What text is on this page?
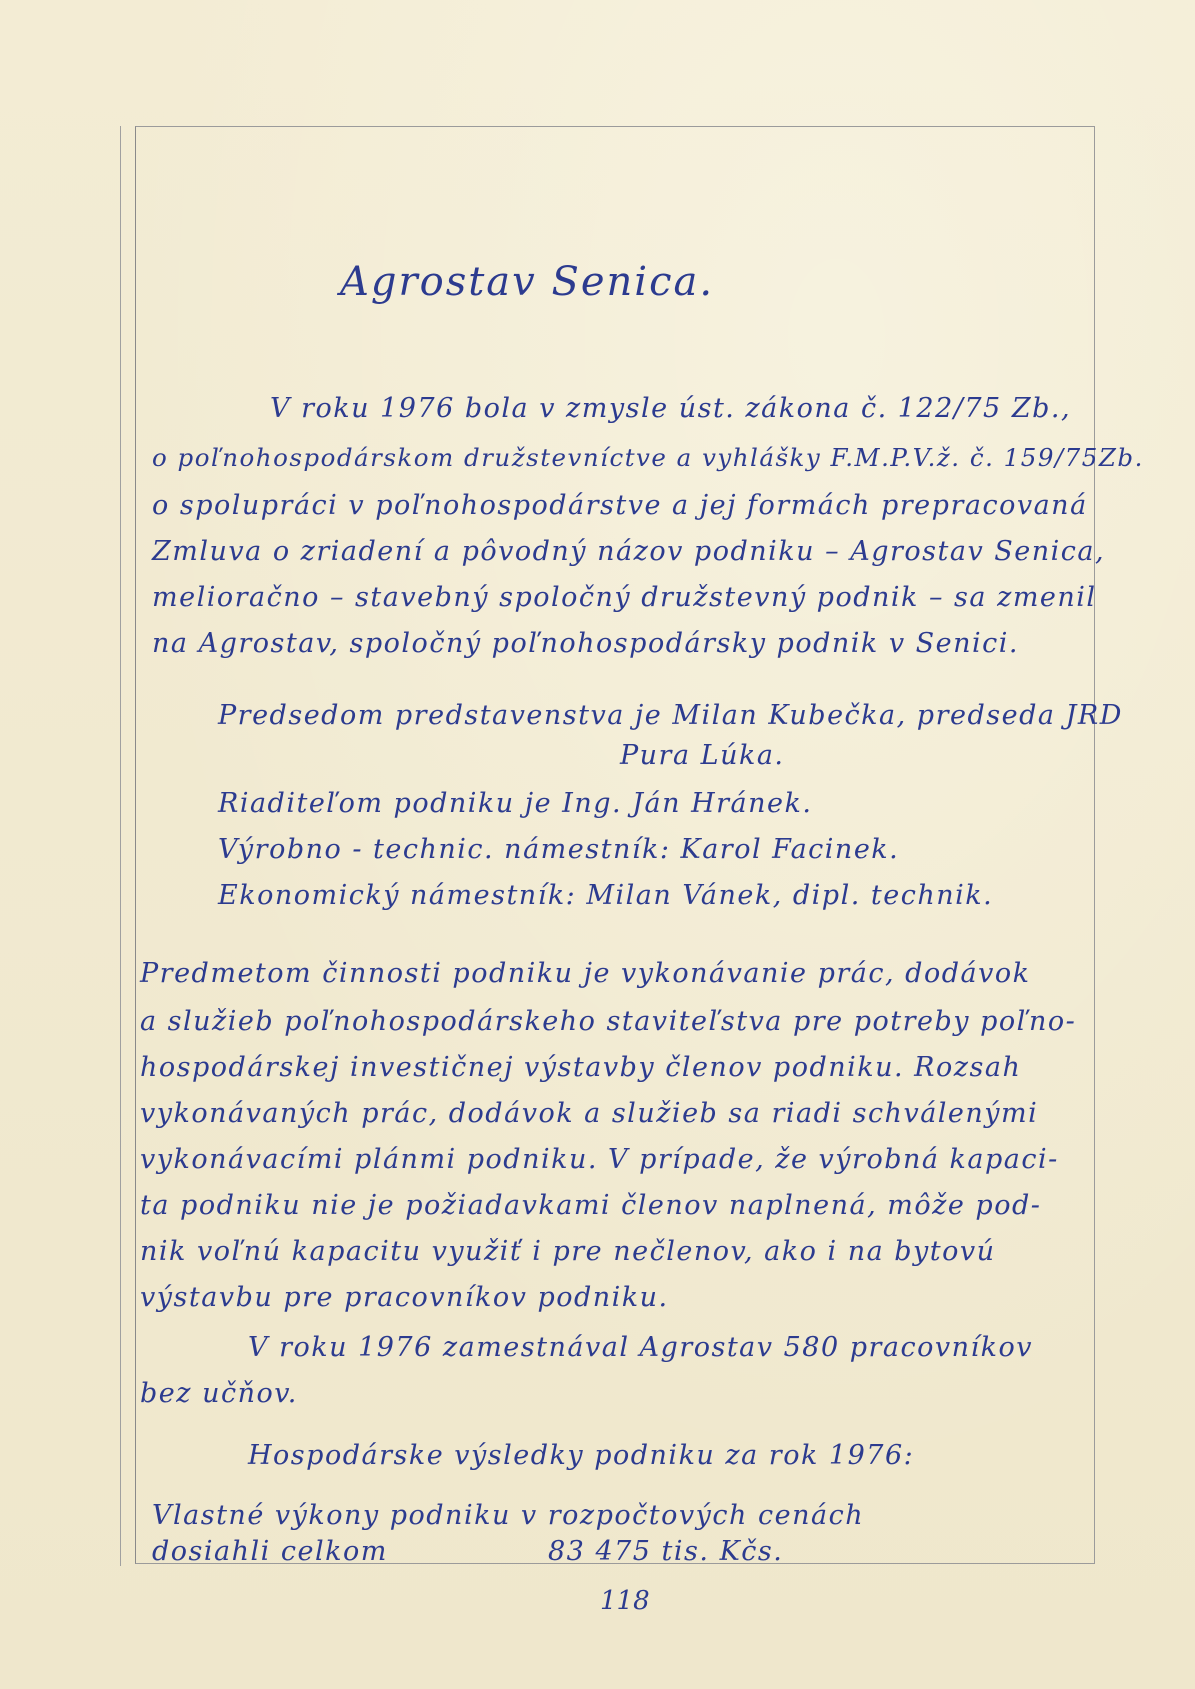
Agrostav Senica.
V roku 1976 bola v zmysle úst. zákona č. 122/75 Zb.,
o poľnohospodárskom družstevníctve a vyhlášky F.M.P.V.ž. č. 159/75Zb.
o spolupráci v poľnohospodárstve a jej formách prepracovaná
Zmluva o zriadení a pôvodný názov podniku – Agrostav Senica,
melioračno – stavebný spoločný družstevný podnik – sa zmenil
na Agrostav, spoločný poľnohospodársky podnik v Senici.
Predsedom predstavenstva je Milan Kubečka, predseda JRD
Pura Lúka.
Riaditeľom podniku je Ing. Ján Hránek.
Výrobno - technic. námestník: Karol Facinek.
Ekonomický námestník: Milan Vánek, dipl. technik.
Predmetom činnosti podniku je vykonávanie prác, dodávok
a služieb poľnohospodárskeho staviteľstva pre potreby poľno-
hospodárskej investičnej výstavby členov podniku. Rozsah
vykonávaných prác, dodávok a služieb sa riadi schválenými
vykonávacími plánmi podniku. V prípade, že výrobná kapaci-
ta podniku nie je požiadavkami členov naplnená, môže pod-
nik voľnú kapacitu využiť i pre nečlenov, ako i na bytovú
výstavbu pre pracovníkov podniku.
V roku 1976 zamestnával Agrostav 580 pracovníkov
bez učňov.
Hospodárske výsledky podniku za rok 1976:
Vlastné výkony podniku v rozpočtových cenách
dosiahli celkom	83 475 tis. Kčs.
118
